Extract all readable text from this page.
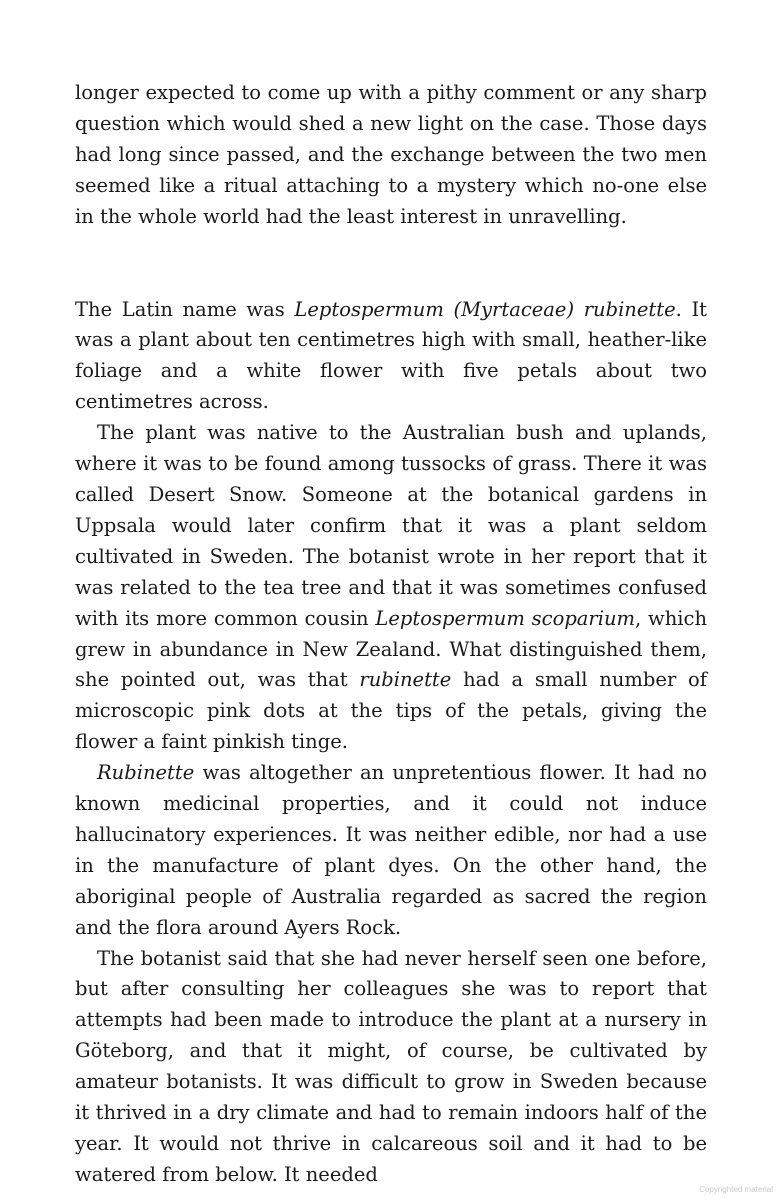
longer expected to come up with a pithy comment or any sharp question which would shed a new light on the case. Those days had long since passed, and the exchange between the two men seemed like a ritual attaching to a mystery which no-one else in the whole world had the least interest in unravelling.

The Latin name was Leptospermum (Myrtaceae) rubinette. It was a plant about ten centimetres high with small, heather-like foliage and a white flower with five petals about two centimetres across.

The plant was native to the Australian bush and uplands, where it was to be found among tussocks of grass. There it was called Desert Snow. Someone at the botanical gardens in Uppsala would later confirm that it was a plant seldom cultivated in Sweden. The botanist wrote in her report that it was related to the tea tree and that it was sometimes confused with its more common cousin Leptospermum scoparium, which grew in abundance in New Zealand. What distinguished them, she pointed out, was that rubinette had a small number of microscopic pink dots at the tips of the petals, giving the flower a faint pinkish tinge.

Rubinette was altogether an unpretentious flower. It had no known medicinal properties, and it could not induce hallucinatory experiences. It was neither edible, nor had a use in the manufacture of plant dyes. On the other hand, the aboriginal people of Australia regarded as sacred the region and the flora around Ayers Rock.

The botanist said that she had never herself seen one before, but after consulting her colleagues she was to report that attempts had been made to introduce the plant at a nursery in Göteborg, and that it might, of course, be cultivated by amateur botanists. It was difficult to grow in Sweden because it thrived in a dry climate and had to remain indoors half of the year. It would not thrive in calcareous soil and it had to be watered from below. It needed

Copyrighted material
